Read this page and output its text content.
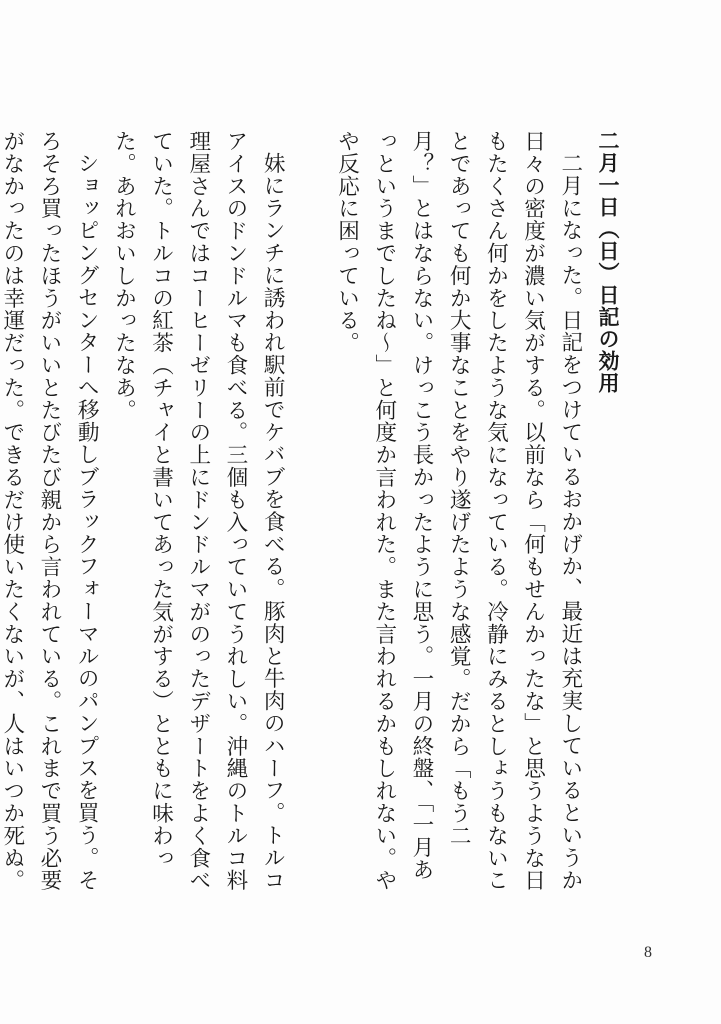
二月一日（日）日記の効用

二月になった。日記をつけているおかげか、最近は充実しているというか日々の密度が濃い気がする。以前なら「何もせんかったな」と思うような日もたくさん何かをしたような気になっている。冷静にみるとしょうもないことであっても何か大事なことをやり遂げたような感覚。だから「もう二月？」とはならない。けっこう長かったように思う。一月の終盤、「一月あっというまでしたね〜」と何度か言われた。また言われるかもしれない。やや反応に困っている。

妹にランチに誘われ駅前でケバブを食べる。豚肉と牛肉のハーフ。トルコアイスのドンドルマも食べる。三個も入っていてうれしい。沖縄のトルコ料理屋さんではコーヒーゼリーの上にドンドルマがのったデザートをよく食べていた。トルコの紅茶（チャイと書いてあった気がする）とともに味わった。あれおいしかったなあ。

ショッピングセンターへ移動しブラックフォーマルのパンプスを買う。そろそろ買ったほうがいいとたびたび親から言われている。これまで買う必要がなかったのは幸運だった。できるだけ使いたくないが、人はいつか死ぬ。

8
